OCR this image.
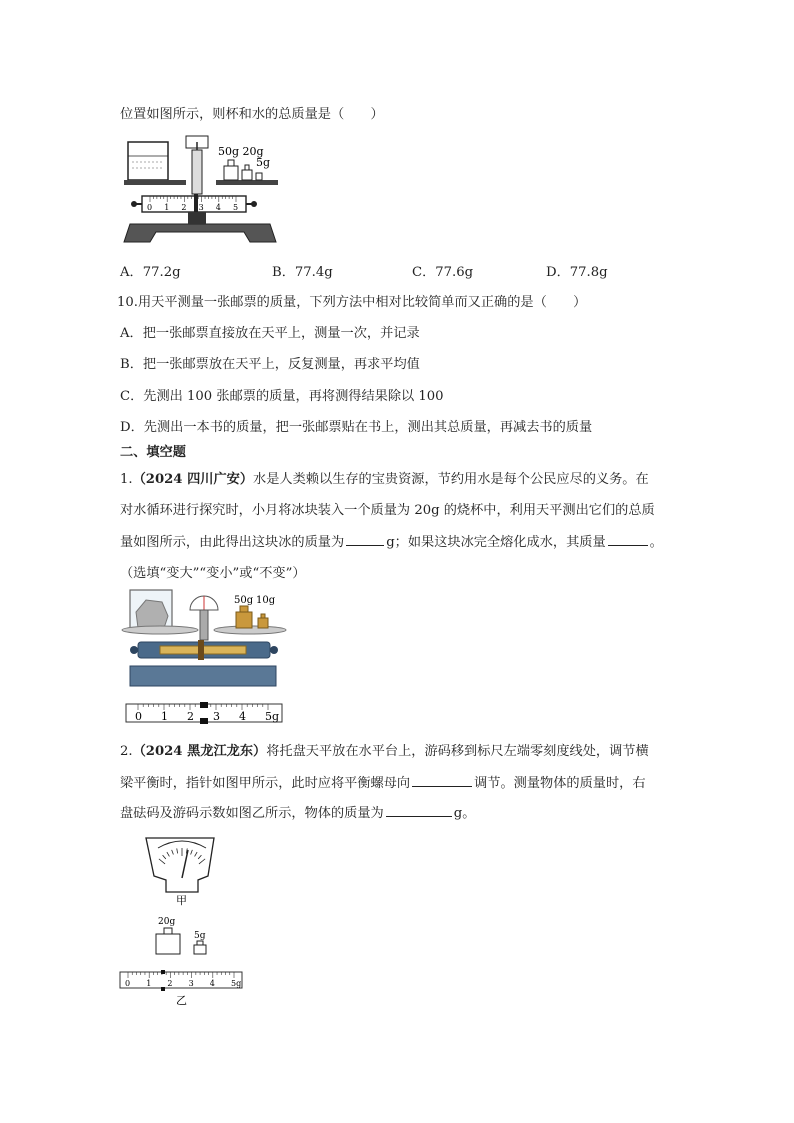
位置如图所示，则杯和水的总质量是（　　）
50g 20g
5g
0 1 2 3 4 5
A．77.2g	B．77.4g	C．77.6g	D．77.8g
10.用天平测量一张邮票的质量，下列方法中相对比较简单而又正确的是（　　）
A．把一张邮票直接放在天平上，测量一次，并记录
B．把一张邮票放在天平上，反复测量，再求平均值
C．先测出 100 张邮票的质量，再将测得结果除以 100
D．先测出一本书的质量，把一张邮票贴在书上，测出其总质量，再减去书的质量
二、填空题
1.（2024 四川广安）水是人类赖以生存的宝贵资源，节约用水是每个公民应尽的义务。在
对水循环进行探究时，小月将冰块装入一个质量为 20g 的烧杯中，利用天平测出它们的总质
量如图所示，由此得出这块冰的质量为	g；如果这块冰完全熔化成水，其质量	。
（选填“变大”“变小”或“不变”）
50g 10g
0 1 2 3 4 5g
2.（2024 黑龙江龙东）将托盘天平放在水平台上，游码移到标尺左端零刻度线处，调节横
梁平衡时，指针如图甲所示，此时应将平衡螺母向	调节。测量物体的质量时，右
盘砝码及游码示数如图乙所示，物体的质量为	g。
甲
20g
5g
0 1 2 3 4 5g
乙
